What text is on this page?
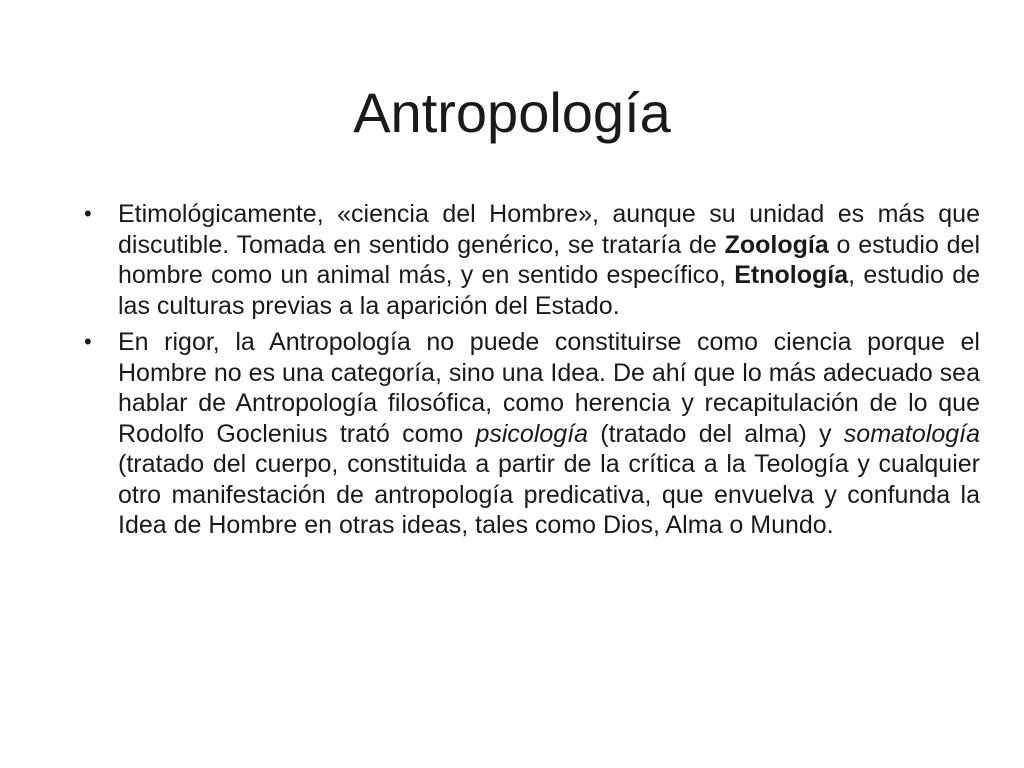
Antropología
• Etimológicamente, «ciencia del Hombre», aunque su unidad es más que discutible. Tomada en sentido genérico, se trataría de Zoología o estudio del hombre como un animal más, y en sentido específico, Etnología, estudio de las culturas previas a la aparición del Estado.
• En rigor, la Antropología no puede constituirse como ciencia porque el Hombre no es una categoría, sino una Idea. De ahí que lo más adecuado sea hablar de Antropología filosófica, como herencia y recapitulación de lo que Rodolfo Goclenius trató como psicología (tratado del alma) y somatología (tratado del cuerpo, constituida a partir de la crítica a la Teología y cualquier otro manifestación de antropología predicativa, que envuelva y confunda la Idea de Hombre en otras ideas, tales como Dios, Alma o Mundo.
